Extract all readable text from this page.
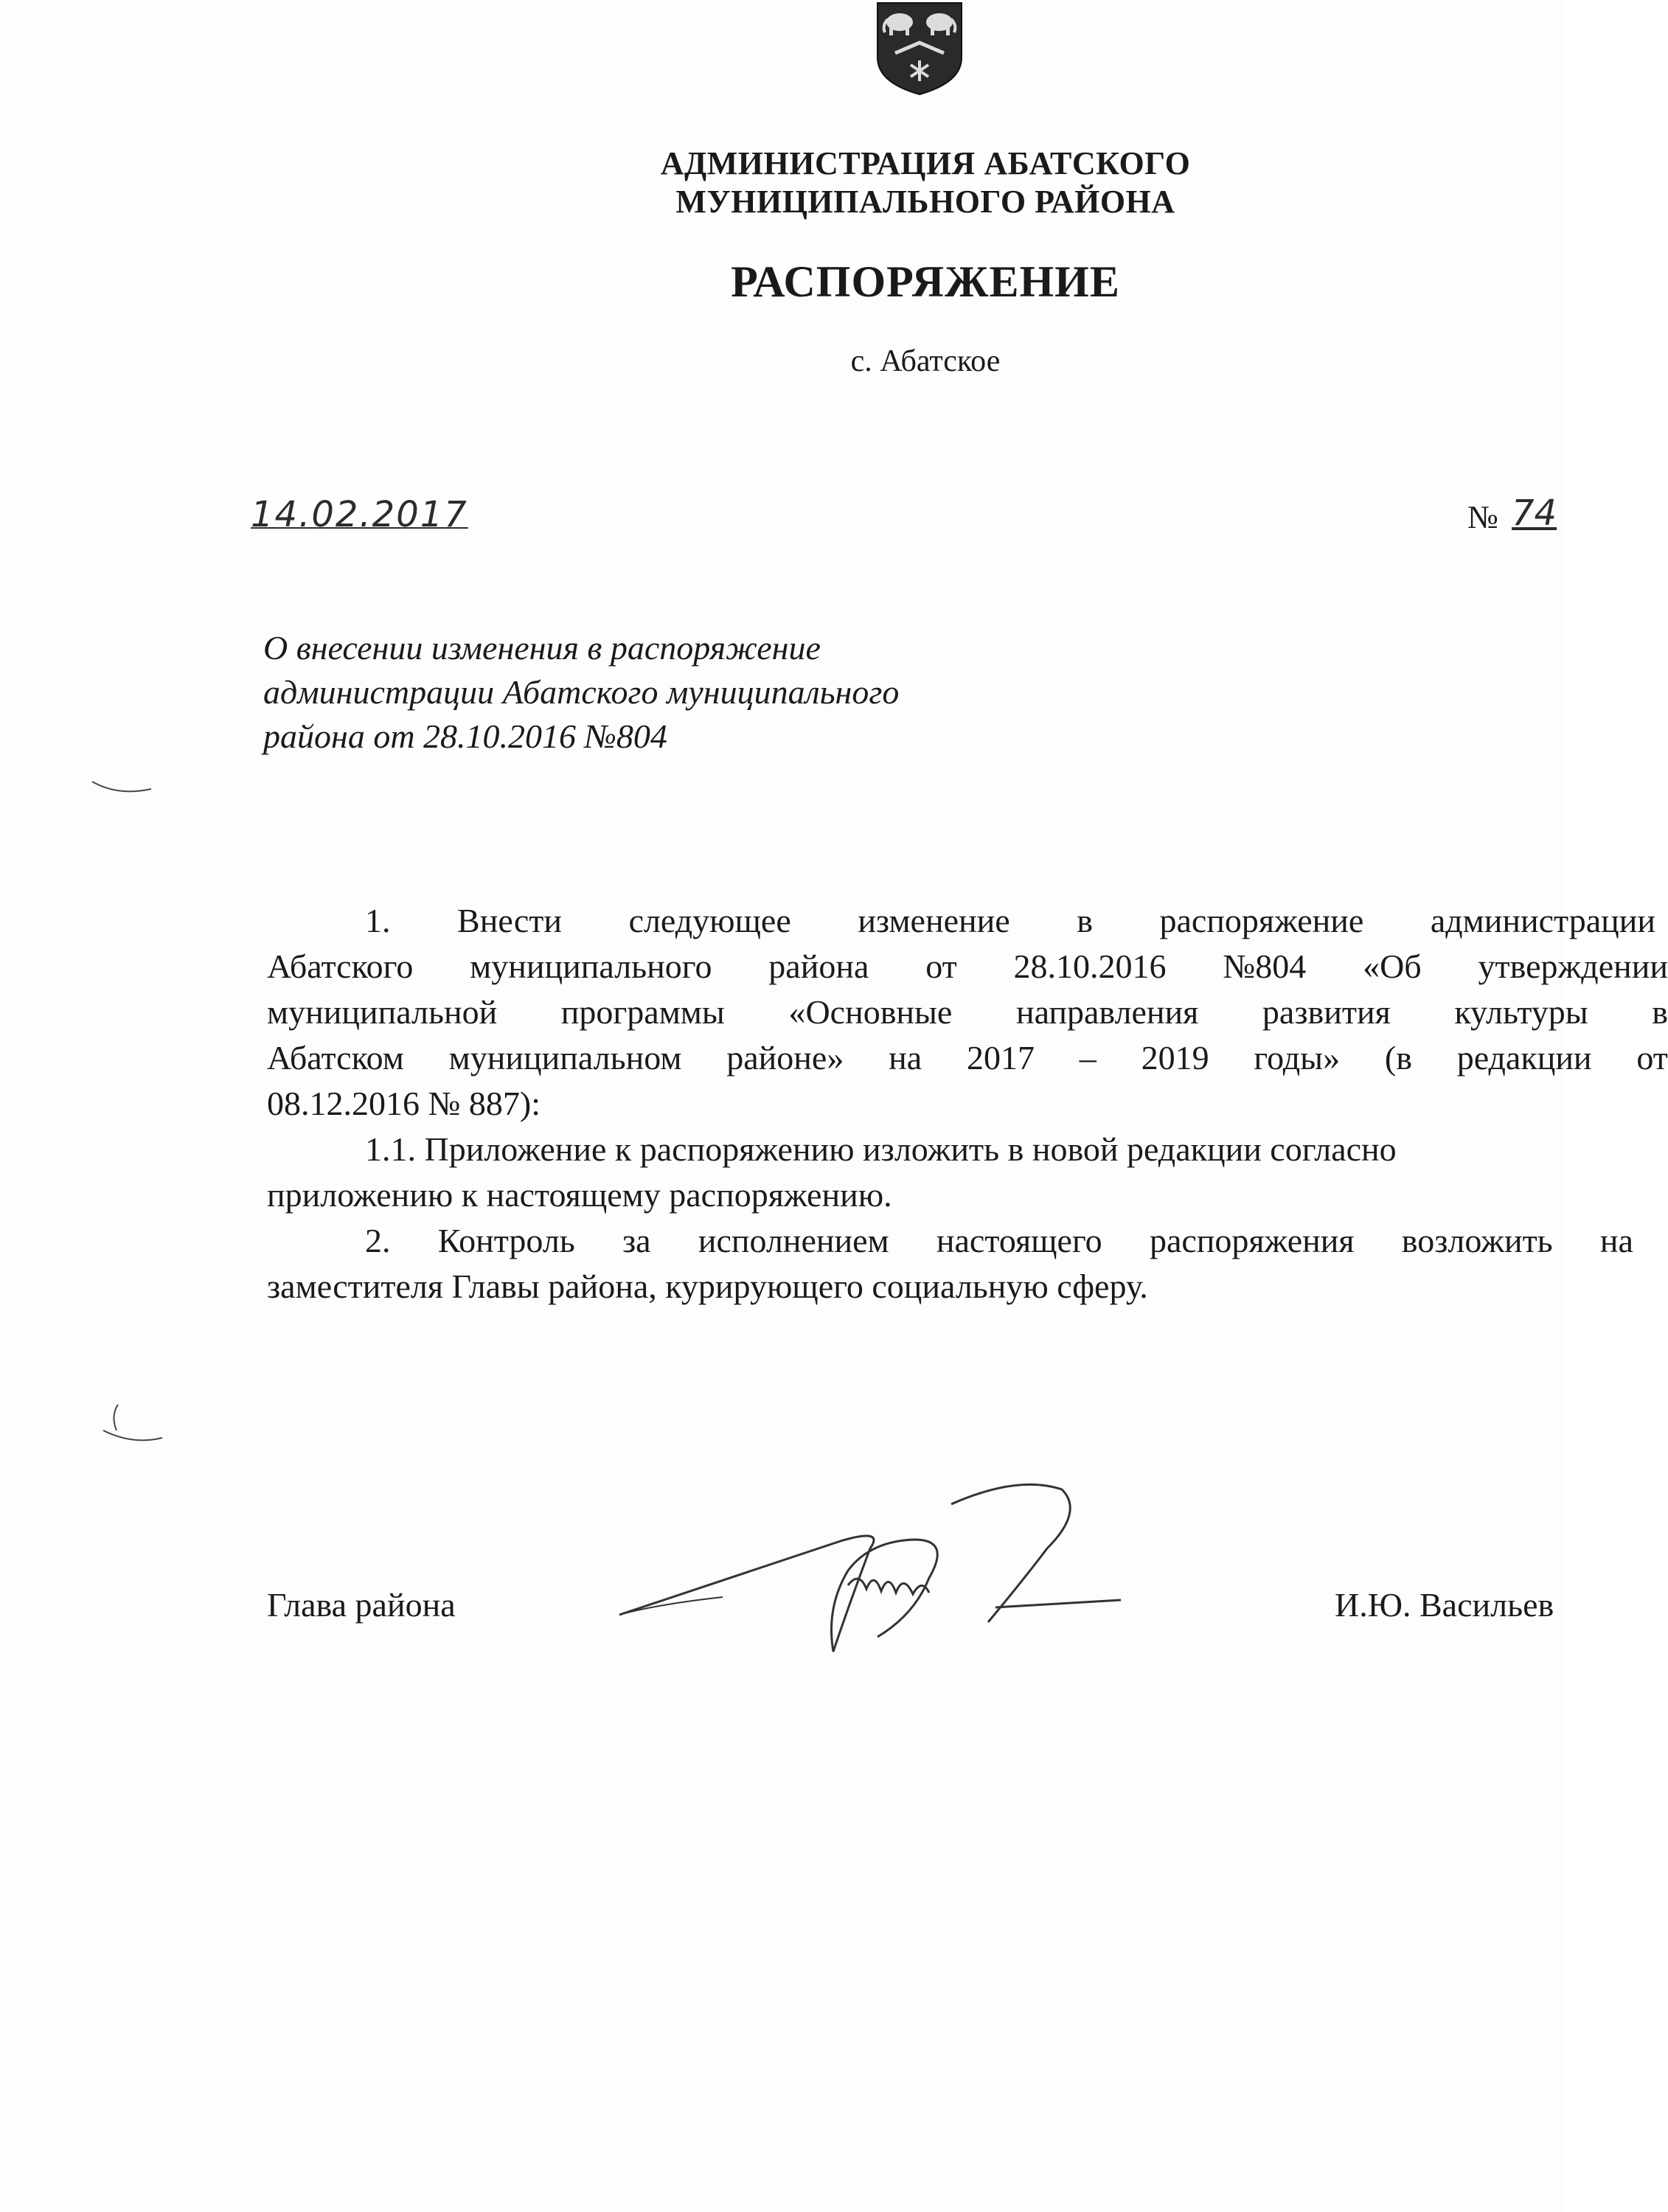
АДМИНИСТРАЦИЯ АБАТСКОГО
МУНИЦИПАЛЬНОГО РАЙОНА
РАСПОРЯЖЕНИЕ
с. Абатское
14.02.2017	№ 74
О внесении изменения в распоряжение
администрации Абатского муниципального
района от 28.10.2016 №804
1. Внести следующее изменение в распоряжение администрации
Абатского муниципального района от 28.10.2016 №804 «Об утверждении
муниципальной программы «Основные направления развития культуры в
Абатском муниципальном районе» на 2017 – 2019 годы» (в редакции от
08.12.2016 № 887):
1.1. Приложение к распоряжению изложить в новой редакции согласно
приложению к настоящему распоряжению.
2. Контроль за исполнением настоящего распоряжения возложить на
заместителя Главы района, курирующего социальную сферу.
Глава района	И.Ю. Васильев
